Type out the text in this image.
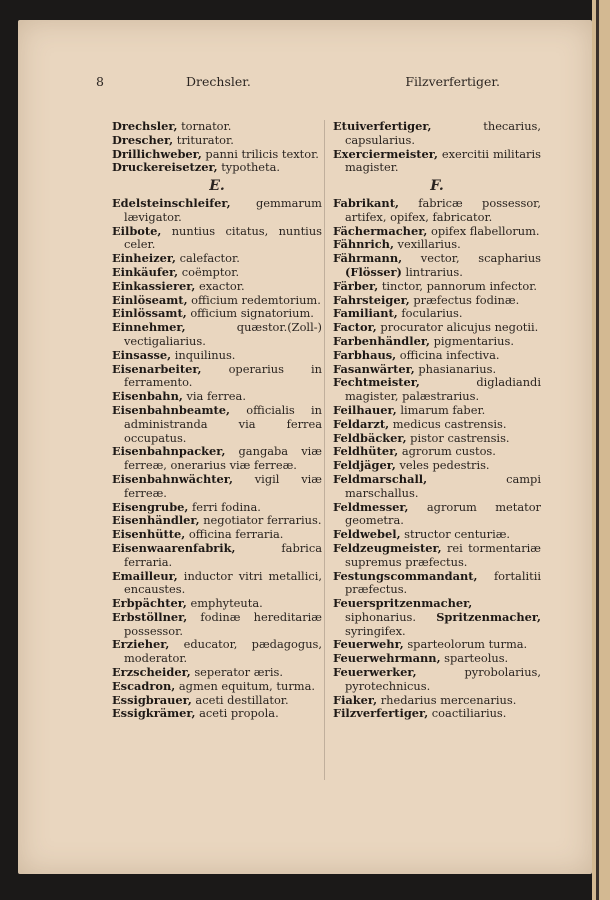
8	Drechsler.	Filzverfertiger.

Drechsler, tornator.

Drescher, triturator.

Drillichweber, panni trilicis textor.

Druckereisetzer, typotheta.

E.

Edelsteinschleifer, gemmarum lævigator.

Eilbote, nuntius citatus, nuntius celer.

Einheizer, calefactor.

Einkäufer, coëmptor.

Einkassierer, exactor.

Einlöseamt, officium redemtorium.

Einlössamt, officium signatorium.

Einnehmer, quæstor.(Zoll-) vectigaliarius.

Einsasse, inquilinus.

Eisenarbeiter, operarius in ferramento.

Eisenbahn, via ferrea.

Eisenbahnbeamte, officialis in administranda via ferrea occupatus.

Eisenbahnpacker, gangaba viæ ferreæ, onerarius viæ ferreæ.

Eisenbahnwächter, vigil viæ ferreæ.

Eisengrube, ferri fodina.

Eisenhändler, negotiator ferrarius.

Eisenhütte, officina ferraria.

Eisenwaarenfabrik, fabrica ferraria.

Emailleur, inductor vitri metallici, encaustes.

Erbpächter, emphyteuta.

Erbstöllner, fodinæ hereditariæ possessor.

Erzieher, educator, pædagogus, moderator.

Erzscheider, seperator æris.

Escadron, agmen equitum, turma.

Essigbrauer, aceti destillator.

Essigkrämer, aceti propola.

Etuiverfertiger, thecarius, capsularius.

Exerciermeister, exercitii militaris magister.

F.

Fabrikant, fabricæ possessor, artifex, opifex, fabricator.

Fächermacher, opifex flabellorum.

Fähnrich, vexillarius.

Fährmann, vector, scapharius (Flösser) lintrarius.

Färber, tinctor, pannorum infector.

Fahrsteiger, præfectus fodinæ.

Familiant, focularius.

Factor, procurator alicujus negotii.

Farbenhändler, pigmentarius.

Farbhaus, officina infectiva.

Fasanwärter, phasianarius.

Fechtmeister, digladiandi magister, palæstrarius.

Feilhauer, limarum faber.

Feldarzt, medicus castrensis.

Feldbäcker, pistor castrensis.

Feldhüter, agrorum custos.

Feldjäger, veles pedestris.

Feldmarschall, campi marschallus.

Feldmesser, agrorum metator geometra.

Feldwebel, structor centuriæ.

Feldzeugmeister, rei tormentariæ supremus præfectus.

Festungscommandant, fortalitii præfectus.

Feuerspritzenmacher, siphonarius. Spritzenmacher, syringifex.

Feuerwehr, sparteolorum turma.

Feuerwehrmann, sparteolus.

Feuerwerker, pyrobolarius, pyrotechnicus.

Fiaker, rhedarius mercenarius.

Filzverfertiger, coactiliarius.
